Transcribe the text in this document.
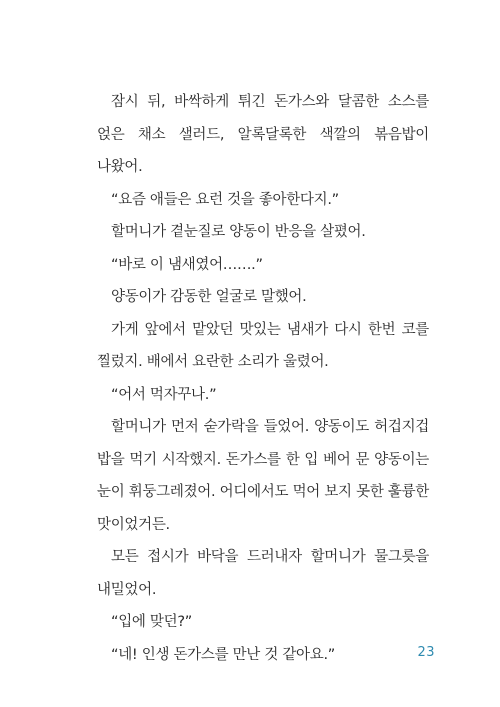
잠시 뒤, 바싹하게 튀긴 돈가스와 달콤한 소스를 얹은 채소 샐러드, 알록달록한 색깔의 볶음밥이 나왔어.

“요즘 애들은 요런 것을 좋아한다지.”

할머니가 곁눈질로 양동이 반응을 살폈어.

“바로 이 냄새였어…….”

양동이가 감동한 얼굴로 말했어.

가게 앞에서 맡았던 맛있는 냄새가 다시 한번 코를 찔렀지. 배에서 요란한 소리가 울렸어.

“어서 먹자꾸나.”

할머니가 먼저 숟가락을 들었어. 양동이도 허겁지겁 밥을 먹기 시작했지. 돈가스를 한 입 베어 문 양동이는 눈이 휘둥그레졌어. 어디에서도 먹어 보지 못한 훌륭한 맛이었거든.

모든 접시가 바닥을 드러내자 할머니가 물그릇을 내밀었어.

“입에 맞던?”

“네! 인생 돈가스를 만난 것 같아요.”	23
